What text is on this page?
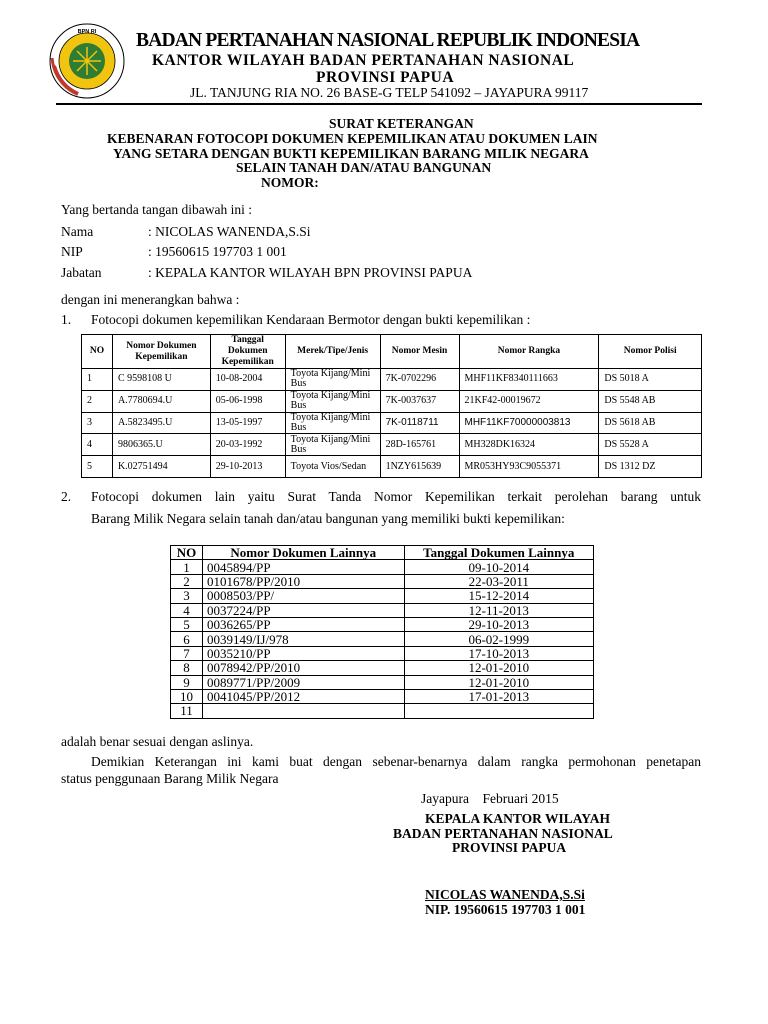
BPN RI BADAN PERTANAHAN NASIONAL REPUBLIK INDONESIA
KANTOR WILAYAH BADAN PERTANAHAN NASIONAL
PROVINSI PAPUA
JL. TANJUNG RIA NO. 26 BASE-G TELP 541092 – JAYAPURA 99117
SURAT KETERANGAN
KEBENARAN FOTOCOPI DOKUMEN KEPEMILIKAN ATAU DOKUMEN LAIN
YANG SETARA DENGAN BUKTI KEPEMILIKAN BARANG MILIK NEGARA
SELAIN TANAH DAN/ATAU BANGUNAN
NOMOR:
Yang bertanda tangan dibawah ini :
Nama	: NICOLAS WANENDA,S.Si
NIP	: 19560615 197703 1 001
Jabatan	: KEPALA KANTOR WILAYAH BPN PROVINSI PAPUA
dengan ini menerangkan bahwa :
1. Fotocopi dokumen kepemilikan Kendaraan Bermotor dengan bukti kepemilikan :
NO	Nomor Dokumen Kepemilikan	Tanggal Dokumen Kepemilikan	Merek/Tipe/Jenis	Nomor Mesin	Nomor Rangka	Nomor Polisi
1	C 9598108 U	10-08-2004	Toyota Kijang/Mini Bus	7K-0702296	MHF11KF8340111663	DS 5018 A
2	A.7780694.U	05-06-1998	Toyota Kijang/Mini Bus	7K-0037637	21KF42-00019672	DS 5548 AB
3	A.5823495.U	13-05-1997	Toyota Kijang/Mini Bus	7K-0118711	MHF11KF70000003813	DS 5618 AB
4	9806365.U	20-03-1992	Toyota Kijang/Mini Bus	28D-165761	MH328DK16324	DS 5528 A
5	K.02751494	29-10-2013	Toyota Vios/Sedan	1NZY615639	MR053HY93C9055371	DS 1312 DZ
2. Fotocopi dokumen lain yaitu Surat Tanda Nomor Kepemilikan terkait perolehan barang untuk
Barang Milik Negara selain tanah dan/atau bangunan yang memiliki bukti kepemilikan:
NO	Nomor Dokumen Lainnya	Tanggal Dokumen Lainnya
1	0045894/PP	09-10-2014
2	0101678/PP/2010	22-03-2011
3	0008503/PP/	15-12-2014
4	0037224/PP	12-11-2013
5	0036265/PP	29-10-2013
6	0039149/IJ/978	06-02-1999
7	0035210/PP	17-10-2013
8	0078942/PP/2010	12-01-2010
9	0089771/PP/2009	12-01-2010
10	0041045/PP/2012	17-01-2013
11		
adalah benar sesuai dengan aslinya.
Demikian Keterangan ini kami buat dengan sebenar-benarnya dalam rangka permohonan penetapan
status penggunaan Barang Milik Negara
Jayapura    Februari 2015
KEPALA KANTOR WILAYAH
BADAN PERTANAHAN NASIONAL
PROVINSI PAPUA
NICOLAS WANENDA,S.Si
NIP. 19560615 197703 1 001
